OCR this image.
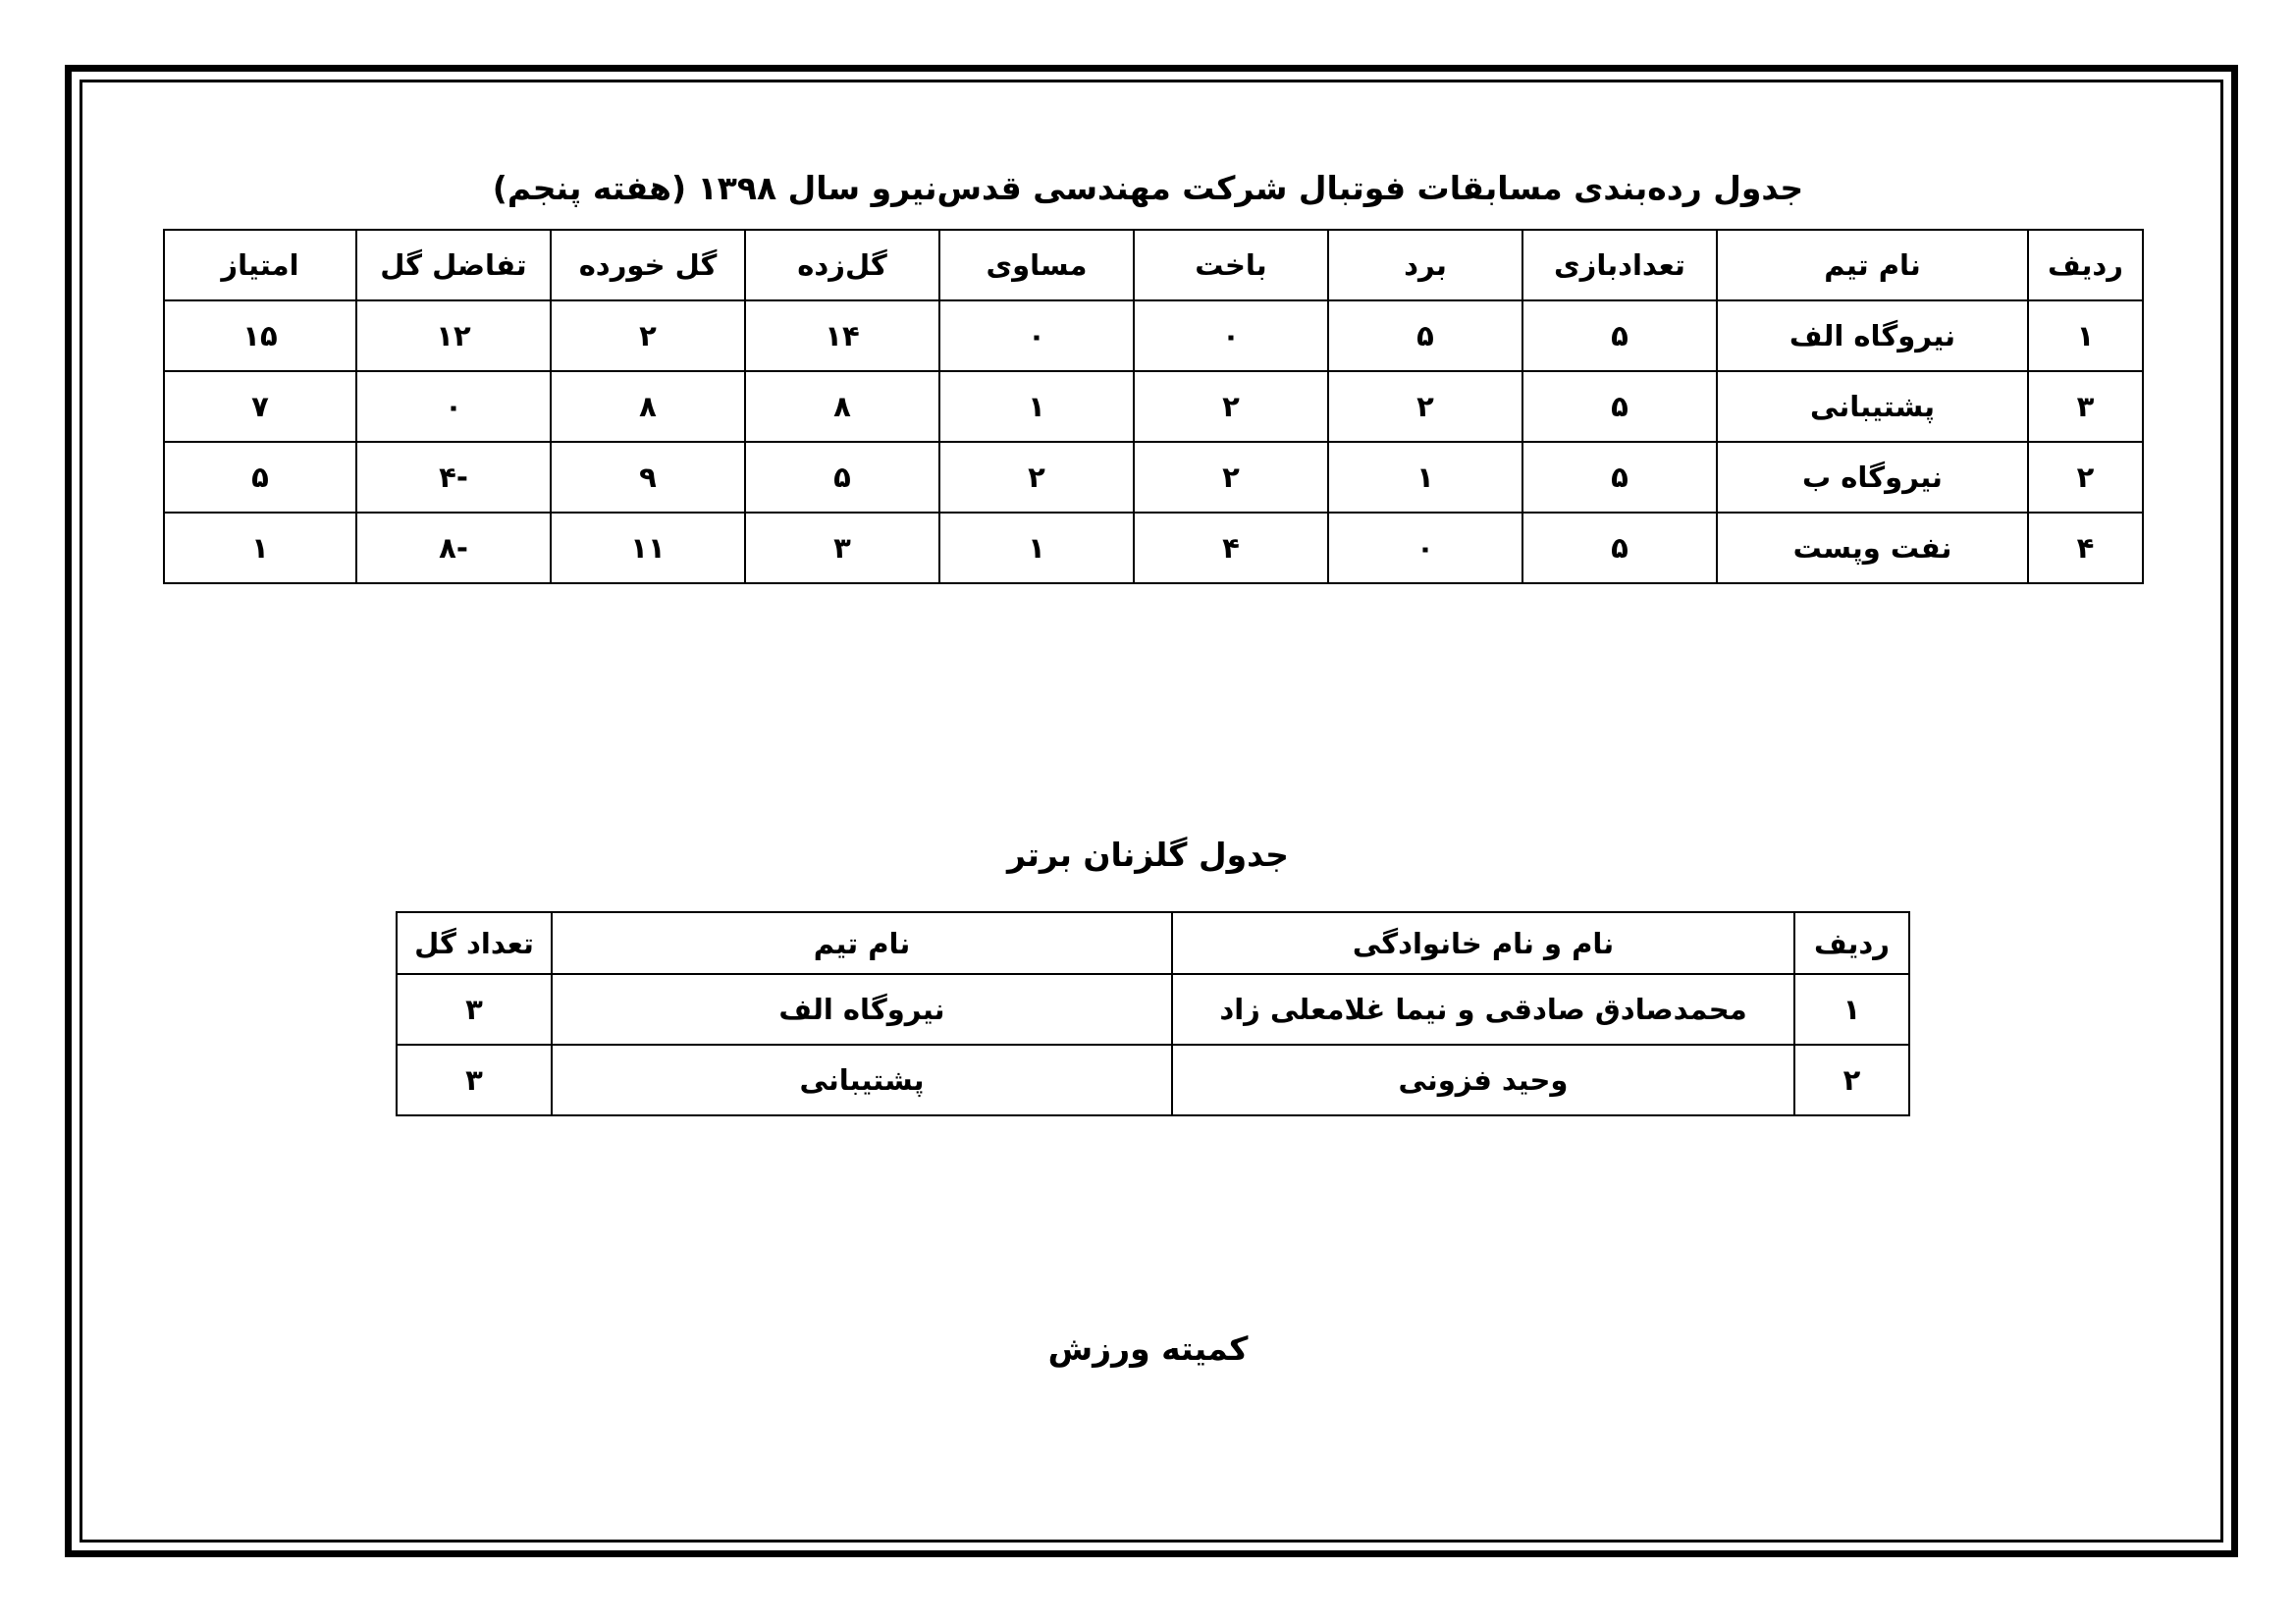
جدول رده‌بندی مسابقات فوتبال شرکت مهندسی قدس‌نیرو سال ۱۳۹۸ (هفته پنجم)
ردیف	نام تیم	تعدادبازی	برد	باخت	مساوی	گل‌زده	گل خورده	تفاضل گل	امتیاز
۱	نیروگاه الف	۵	۵	۰	۰	۱۴	۲	۱۲	۱۵
۳	پشتیبانی	۵	۲	۲	۱	۸	۸	۰	۷
۲	نیروگاه ب	۵	۱	۲	۲	۵	۹	-۴	۵
۴	نفت وپست	۵	۰	۴	۱	۳	۱۱	-۸	۱
جدول گلزنان برتر
ردیف	نام و نام خانوادگی	نام تیم	تعداد گل
۱	محمدصادق صادقی و نیما غلامعلی زاد	نیروگاه الف	۳
۲	وحید فزونی	پشتیبانی	۳
کمیته ورزش
